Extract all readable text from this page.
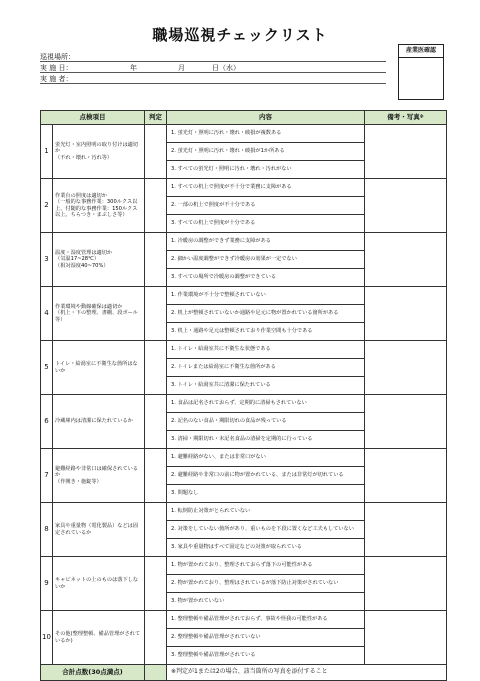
職場巡視チェックリスト
巡視場所：
実 施 日：	年	月	日（水）
実 施 者：
産業医確認
点検項目		判定	内容	備考・写真※
1	蛍光灯・室内照明の取り付けは適切か
（不れ・壊れ・汚れ等）		1. 蛍光灯・照明に汚れ・壊れ・破損が複数ある	
			2. 蛍光灯・照明に汚れ・壊れ・破損が1か所ある	
			3. すべての蛍光灯・照明に汚れ・壊れ・汚れがない	
2	作業台の照度は適切か
（一般的な事務作業：300ルクス以上、付随的な事務作業：150ルクス以上。ちらつき・まぶしさ等）		1. すべての机上で照度が不十分で業務に支障がある	
			2. 一部の机上で照度が不十分である	
			3. すべての机上で照度が十分である	
3	温度・湿度管理は適切か
（気温17~28℃）
（相対湿度40~70%）		1. 冷暖房の調整ができず業務に支障がある	
			2. 細かい温度調整ができず冷暖房の効果が一定でない	
			3. すべての場所で冷暖房の調整ができている	
4	作業環境や動線確保は適切か
（机上・下の整理、書棚、段ボール等）		1. 作業環境が不十分で整頓されていない	
			2. 机上が整頓されていないか通路や足元に物が置かれている箇所がある	
			3. 机上・通路や足元は整頓されており作業空間も十分である	
5	トイレ・給湯室に不衛生な箇所はないか		1. トイレ・給湯室共に不衛生な状態である	
			2. トイレまたは給湯室に不衛生な箇所がある	
			3. トイレ・給湯室共に清潔に保たれている	
6	冷蔵庫内は清潔に保たれているか		1. 食品は記名されておらず、定期的に清掃もされていない	
			2. 記名のない食品・期限切れの食品が残っている	
			3. 清掃・期限切れ・未記名食品の清掃を定期的に行っている	
7	避難経路や非常口は確保されているか
（作開き・施錠等）		1. 避難経路がない、または非常口がない	
			2. 避難経路や非常口の前に物が置かれている、または非常灯が切れている	
			3. 問題なし	
8	家具や重量物（電化製品）などは固定されているか		1. 転倒防止対策がとられていない	
			2. 対策をしていない箇所があり、重いものを下段に置くなど工夫もしていない	
			3. 家具や重量物はすべて固定などの対策が取られている	
9	キャビネットの上のものは落下しないか		1. 物が置かれており、整理されておらず落下の可能性がある	
			2. 物が置かれており、整理はされているが落下防止対策がされていない	
			3. 物が置かれていない	
10	その他(整理整頓、備品管理がされているか)		1. 整理整頓や備品管理がされておらず、事故や怪我の可能性がある	
			2. 整理整頓や備品管理がされていない	
			3. 整理整頓や備品管理がされている	
合計点数(30点満点)			※判定が1または2の場合、該当箇所の写真を添付すること	
